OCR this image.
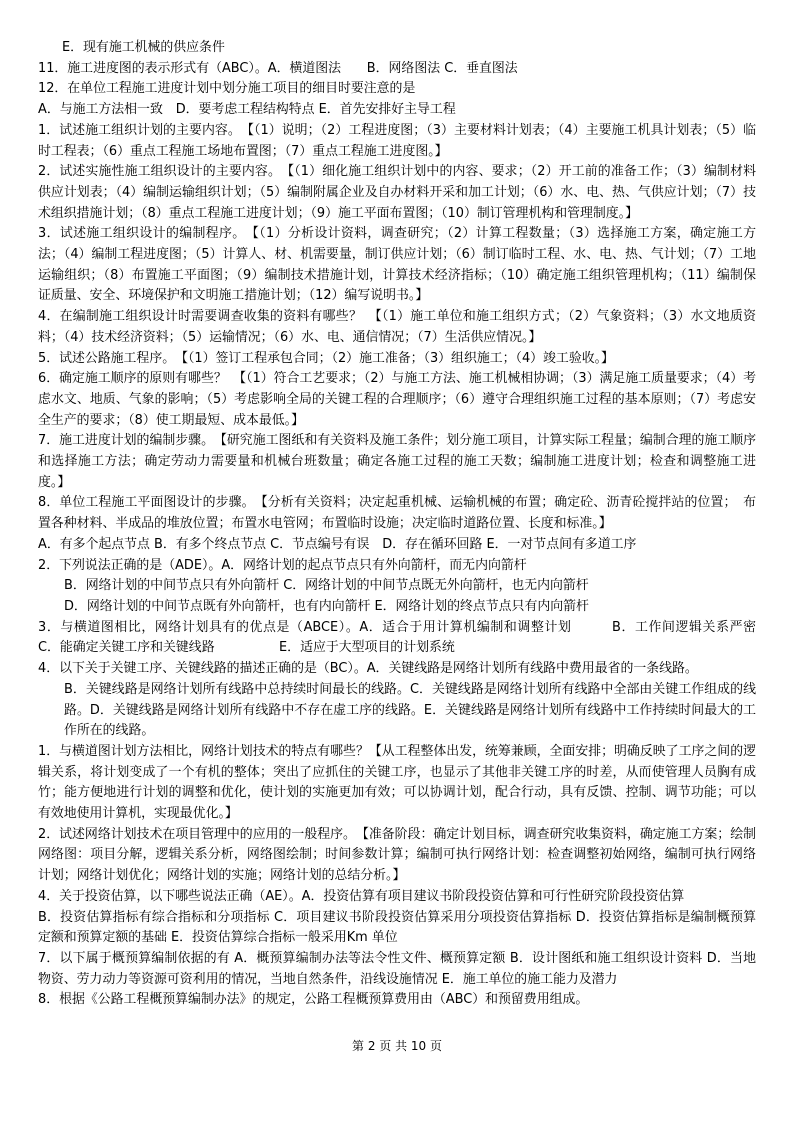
E．现有施工机械的供应条件

11．施工进度图的表示形式有（ABC）。A．横道图法　　B．网络图法 C．垂直图法

12．在单位工程施工进度计划中划分施工项目的细目时要注意的是

A．与施工方法相一致　D．要考虑工程结构特点 E．首先安排好主导工程

1．试述施工组织计划的主要内容。　【（1）说明；（2）工程进度图；（3）主要材料计划表；（4）主要施工机具计划表；（5）临时工程表；（6）重点工程施工场地布置图；（7）重点工程施工进度图。】

2．试述实施性施工组织设计的主要内容。　【（1）细化施工组织计划中的内容、要求；（2）开工前的准备工作；（3）编制材料供应计划表；（4）编制运输组织计划；（5）编制附属企业及自办材料开采和加工计划；（6）水、电、热、气供应计划；（7）技术组织措施计划；（8）重点工程施工进度计划；（9）施工平面布置图；（10）制订管理机构和管理制度。】

3．试述施工组织设计的编制程序。　【（1）分析设计资料，调查研究；（2）计算工程数量；（3）选择施工方案，确定施工方法；（4）编制工程进度图；（5）计算人、材、机需要量，制订供应计划；（6）制订临时工程、水、电、热、气计划；（7）工地运输组织；（8）布置施工平面图；（9）编制技术措施计划，计算技术经济指标；（10）确定施工组织管理机构；（11）编制保证质量、安全、环境保护和文明施工措施计划；（12）编写说明书。】

4．在编制施工组织设计时需要调查收集的资料有哪些？　【（1）施工单位和施工组织方式；（2）气象资料；（3）水文地质资料；（4）技术经济资料；（5）运输情况；（6）水、电、通信情况；（7）生活供应情况。】

5．试述公路施工程序。　【（1）签订工程承包合同；（2）施工准备；（3）组织施工；（4）竣工验收。】

6．确定施工顺序的原则有哪些？　【（1）符合工艺要求；（2）与施工方法、施工机械相协调；（3）满足施工质量要求；（4）考虑水文、地质、气象的影响；（5）考虑影响全局的关键工程的合理顺序；（6）遵守合理组织施工过程的基本原则；（7）考虑安全生产的要求；（8）使工期最短、成本最低。】

7．施工进度计划的编制步骤。　【研究施工图纸和有关资料及施工条件；划分施工项目，计算实际工程量；编制合理的施工顺序和选择施工方法；确定劳动力需要量和机械台班数量；确定各施工过程的施工天数；编制施工进度计划；检查和调整施工进度。】

8．单位工程施工平面图设计的步骤。　【分析有关资料；决定起重机械、运输机械的布置；确定砼、沥青砼搅拌站的位置；　布置各种材料、半成品的堆放位置；布置水电管网；布置临时设施；决定临时道路位置、长度和标准。】

A．有多个起点节点 B．有多个终点节点 C．节点编号有误　D．存在循环回路 E．一对节点间有多道工序

2．下列说法正确的是（ADE）。A．网络计划的起点节点只有外向箭杆，而无内向箭杆

B．网络计划的中间节点只有外向箭杆 C．网络计划的中间节点既无外向箭杆，也无内向箭杆

D．网络计划的中间节点既有外向箭杆，也有内向箭杆 E．网络计划的终点节点只有内向箭杆

3．与横道图相比，网络计划具有的优点是（ABCE）。A．适合于用计算机编制和调整计划　　　B．工作间逻辑关系严密　C．能确定关键工序和关键线路　　　　　E．适应于大型项目的计划系统

4．以下关于关键工序、关键线路的描述正确的是（BC）。A．关键线路是网络计划所有线路中费用最省的一条线路。

B．关键线路是网络计划所有线路中总持续时间最长的线路。C．关键线路是网络计划所有线路中全部由关键工作组成的线路。D．关键线路是网络计划所有线路中不存在虚工序的线路。E．关键线路是网络计划所有线路中工作持续时间最大的工作所在的线路。

1．与横道图计划方法相比，网络计划技术的特点有哪些？【从工程整体出发，统筹兼顾，全面安排；明确反映了工序之间的逻辑关系，将计划变成了一个有机的整体；突出了应抓住的关键工序，也显示了其他非关键工序的时差，从而使管理人员胸有成竹；能方便地进行计划的调整和优化，使计划的实施更加有效；可以协调计划，配合行动，具有反馈、控制、调节功能；可以有效地使用计算机，实现最优化。】

2．试述网络计划技术在项目管理中的应用的一般程序。　【准备阶段：确定计划目标，调查研究收集资料，确定施工方案；绘制网络图：项目分解，逻辑关系分析，网络图绘制；时间参数计算；编制可执行网络计划：检查调整初始网络，编制可执行网络计划；网络计划优化；网络计划的实施；网络计划的总结分析。】

4．关于投资估算，以下哪些说法正确（AE）。A．投资估算有项目建议书阶段投资估算和可行性研究阶段投资估算

B．投资估算指标有综合指标和分项指标 C．项目建议书阶段投资估算采用分项投资估算指标 D．投资估算指标是编制概预算定额和预算定额的基础 E．投资估算综合指标一般采用Km 单位

7．以下属于概预算编制依据的有 A．概预算编制办法等法令性文件、概预算定额 B．设计图纸和施工组织设计资料 D．当地物资、劳力动力等资源可资利用的情况，当地自然条件，沿线设施情况 E．施工单位的施工能力及潜力

8．根据《公路工程概预算编制办法》的规定，公路工程概预算费用由（ABC）和预留费用组成。

第 2 页 共 10 页
